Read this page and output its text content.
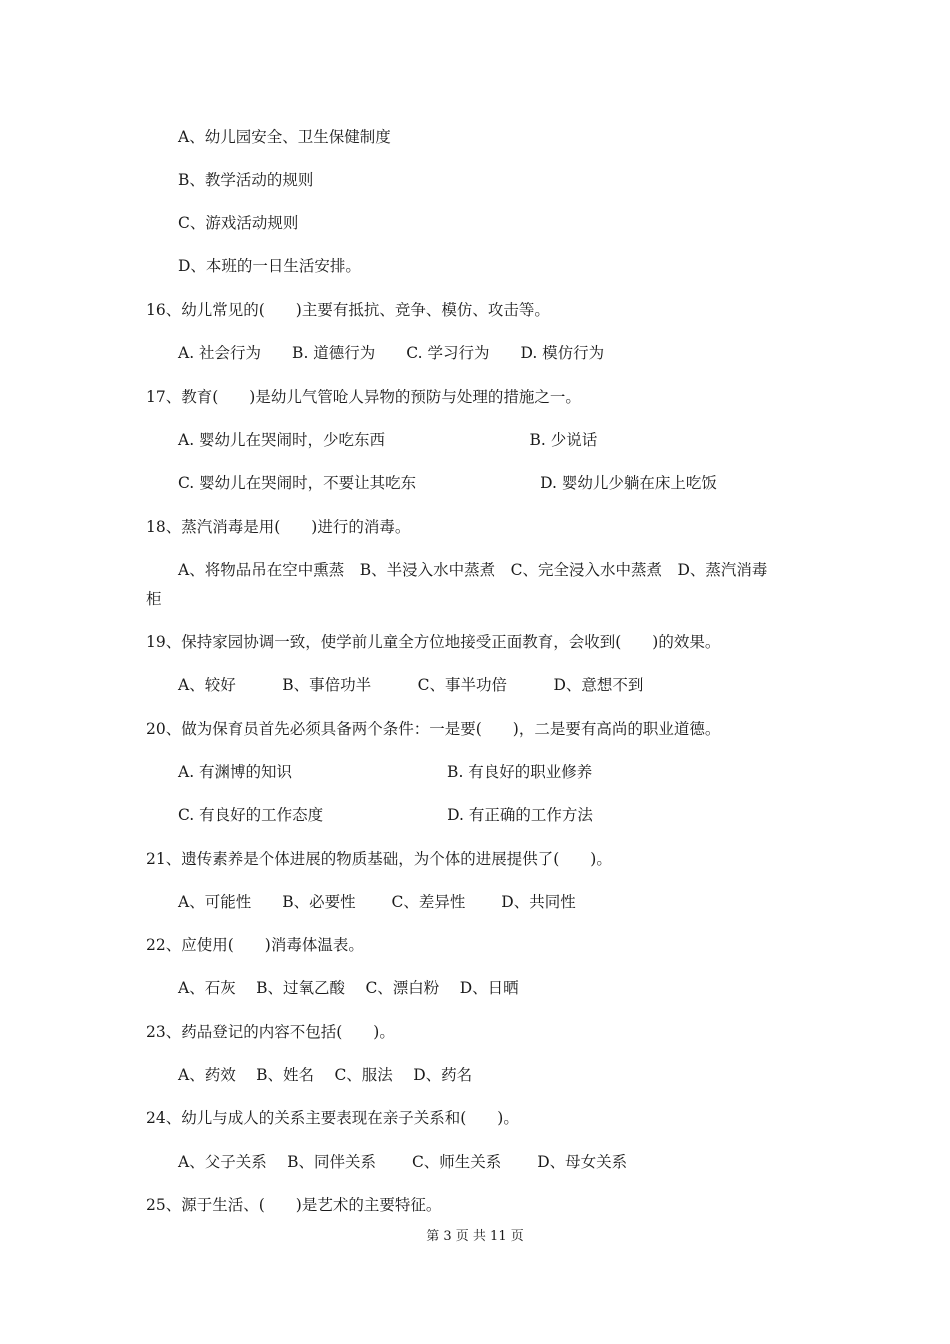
A、幼儿园安全、卫生保健制度
B、教学活动的规则
C、游戏活动规则
D、本班的一日生活安排。
16、幼儿常见的(　　)主要有抵抗、竞争、模仿、攻击等。
A. 社会行为　　B. 道德行为　　C. 学习行为　　D. 模仿行为
17、教育(　　)是幼儿气管呛人异物的预防与处理的措施之一。
A. 婴幼儿在哭闹时，少吃东西　　　　　　　　　 B. 少说话
C. 婴幼儿在哭闹时，不要让其吃东　　　　　　　　D. 婴幼儿少躺在床上吃饭
18、蒸汽消毒是用(　　)进行的消毒。
A、将物品吊在空中熏蒸　B、半浸入水中蒸煮　C、完全浸入水中蒸煮　D、蒸汽消毒
柜
19、保持家园协调一致，使学前儿童全方位地接受正面教育，会收到(　　)的效果。
A、较好　　　B、事倍功半　　　C、事半功倍　　　D、意想不到
20、做为保育员首先必须具备两个条件：一是要(　　)，二是要有高尚的职业道德。
A. 有渊博的知识　　　　　　　　　　B. 有良好的职业修养
C. 有良好的工作态度　　　　　　　　D. 有正确的工作方法
21、遗传素养是个体进展的物质基础，为个体的进展提供了(　　)。
A、可能性　　B、必要性　　 C、差异性　　 D、共同性
22、应使用(　　)消毒体温表。
A、石灰　 B、过氧乙酸　 C、漂白粉　 D、日晒
23、药品登记的内容不包括(　　)。
A、药效　 B、姓名　 C、服法　 D、药名
24、幼儿与成人的关系主要表现在亲子关系和(　　)。
A、父子关系　 B、同伴关系　　 C、师生关系　　 D、母女关系
25、源于生活、(　　)是艺术的主要特征。
第 3 页 共 11 页
